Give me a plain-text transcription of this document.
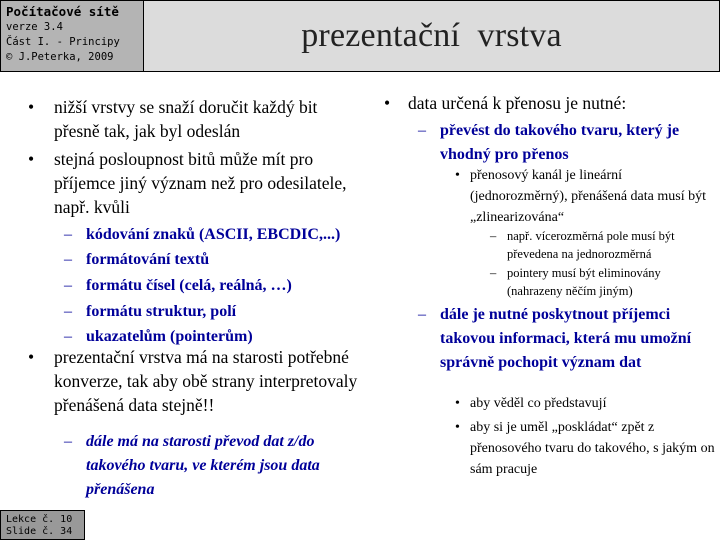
Počítačové sítě
verze 3.4
Část I. - Principy
© J.Peterka, 2009
prezentační  vrstva
• nižší vrstvy se snaží doručit každý bit přesně tak, jak byl odeslán
• stejná posloupnost bitů může mít pro příjemce jiný význam než pro odesilatele, např. kvůli
– kódování znaků (ASCII, EBCDIC,...)
– formátování textů
– formátu čísel (celá, reálná, …)
– formátu struktur, polí
– ukazatelům (pointerům)
• prezentační vrstva má na starosti potřebné konverze, tak aby obě strany interpretovaly přenášená data stejně!!
– dále má na starosti převod dat z/do takového tvaru, ve kterém jsou data přenášena
• data určená k přenosu je nutné:
– převést do takového tvaru, který je vhodný pro přenos
• přenosový kanál je lineární (jednorozměrný), přenášená data musí být „zlinearizována“
– např. vícerozměrná pole musí být převedena na jednorozměrná
– pointery musí být eliminovány (nahrazeny něčím jiným)
– dále je nutné poskytnout příjemci takovou informaci, která mu umožní správně pochopit význam dat
• aby věděl co představují
• aby si je uměl „poskládat“ zpět z přenosového tvaru do takového, s jakým on sám pracuje
Lekce č. 10
Slide č. 34
